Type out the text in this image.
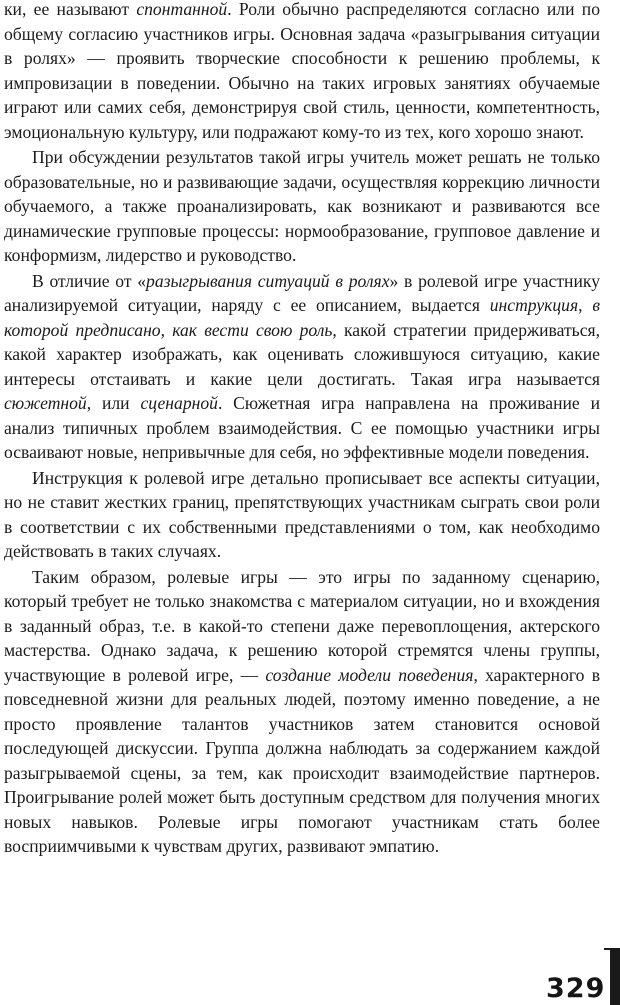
ки, ее называют спонтанной. Роли обычно распределяются согласно или по общему согласию участников игры. Основная задача «разыгрывания ситуации в ролях» — проявить творческие способности к решению проблемы, к импровизации в поведении. Обычно на таких игровых занятиях обучаемые играют или самих себя, демонстрируя свой стиль, ценности, компетентность, эмоциональную культуру, или подражают кому-то из тех, кого хорошо знают.

При обсуждении результатов такой игры учитель может решать не только образовательные, но и развивающие задачи, осуществляя коррекцию личности обучаемого, а также проанализировать, как возникают и развиваются все динамические групповые процессы: нормообразование, групповое давление и конформизм, лидерство и руководство.

В отличие от «разыгрывания ситуаций в ролях» в ролевой игре участнику анализируемой ситуации, наряду с ее описанием, выдается инструкция, в которой предписано, как вести свою роль, какой стратегии придерживаться, какой характер изображать, как оценивать сложившуюся ситуацию, какие интересы отстаивать и какие цели достигать. Такая игра называется сюжетной, или сценарной. Сюжетная игра направлена на проживание и анализ типичных проблем взаимодействия. С ее помощью участники игры осваивают новые, непривычные для себя, но эффективные модели поведения.

Инструкция к ролевой игре детально прописывает все аспекты ситуации, но не ставит жестких границ, препятствующих участникам сыграть свои роли в соответствии с их собственными представлениями о том, как необходимо действовать в таких случаях.

Таким образом, ролевые игры — это игры по заданному сценарию, который требует не только знакомства с материалом ситуации, но и вхождения в заданный образ, т.е. в какой-то степени даже перевоплощения, актерского мастерства. Однако задача, к решению которой стремятся члены группы, участвующие в ролевой игре, — создание модели поведения, характерного в повседневной жизни для реальных людей, поэтому именно поведение, а не просто проявление талантов участников затем становится основой последующей дискуссии. Группа должна наблюдать за содержанием каждой разыгрываемой сцены, за тем, как происходит взаимодействие партнеров. Проигрывание ролей может быть доступным средством для получения многих новых навыков. Ролевые игры помогают участникам стать более восприимчивыми к чувствам других, развивают эмпатию.

329
